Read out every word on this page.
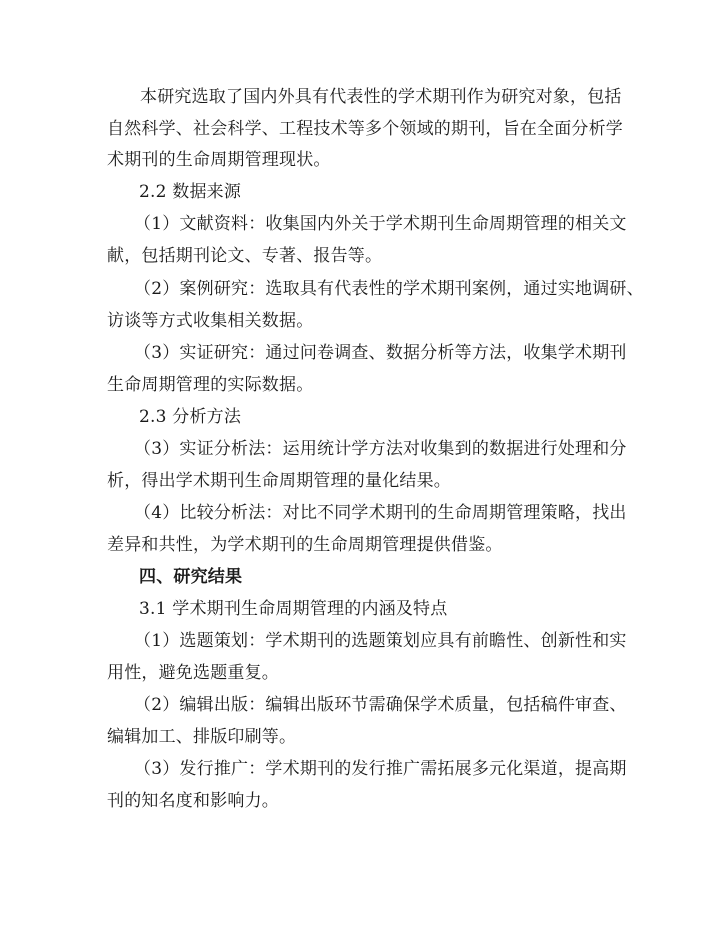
本研究选取了国内外具有代表性的学术期刊作为研究对象，包括
自然科学、社会科学、工程技术等多个领域的期刊，旨在全面分析学
术期刊的生命周期管理现状。
2.2 数据来源
（1）文献资料：收集国内外关于学术期刊生命周期管理的相关文
献，包括期刊论文、专著、报告等。
（2）案例研究：选取具有代表性的学术期刊案例，通过实地调研、
访谈等方式收集相关数据。
（3）实证研究：通过问卷调查、数据分析等方法，收集学术期刊
生命周期管理的实际数据。
2.3 分析方法
（3）实证分析法：运用统计学方法对收集到的数据进行处理和分
析，得出学术期刊生命周期管理的量化结果。
（4）比较分析法：对比不同学术期刊的生命周期管理策略，找出
差异和共性，为学术期刊的生命周期管理提供借鉴。
四、研究结果
3.1 学术期刊生命周期管理的内涵及特点
（1）选题策划：学术期刊的选题策划应具有前瞻性、创新性和实
用性，避免选题重复。
（2）编辑出版：编辑出版环节需确保学术质量，包括稿件审查、
编辑加工、排版印刷等。
（3）发行推广：学术期刊的发行推广需拓展多元化渠道，提高期
刊的知名度和影响力。
